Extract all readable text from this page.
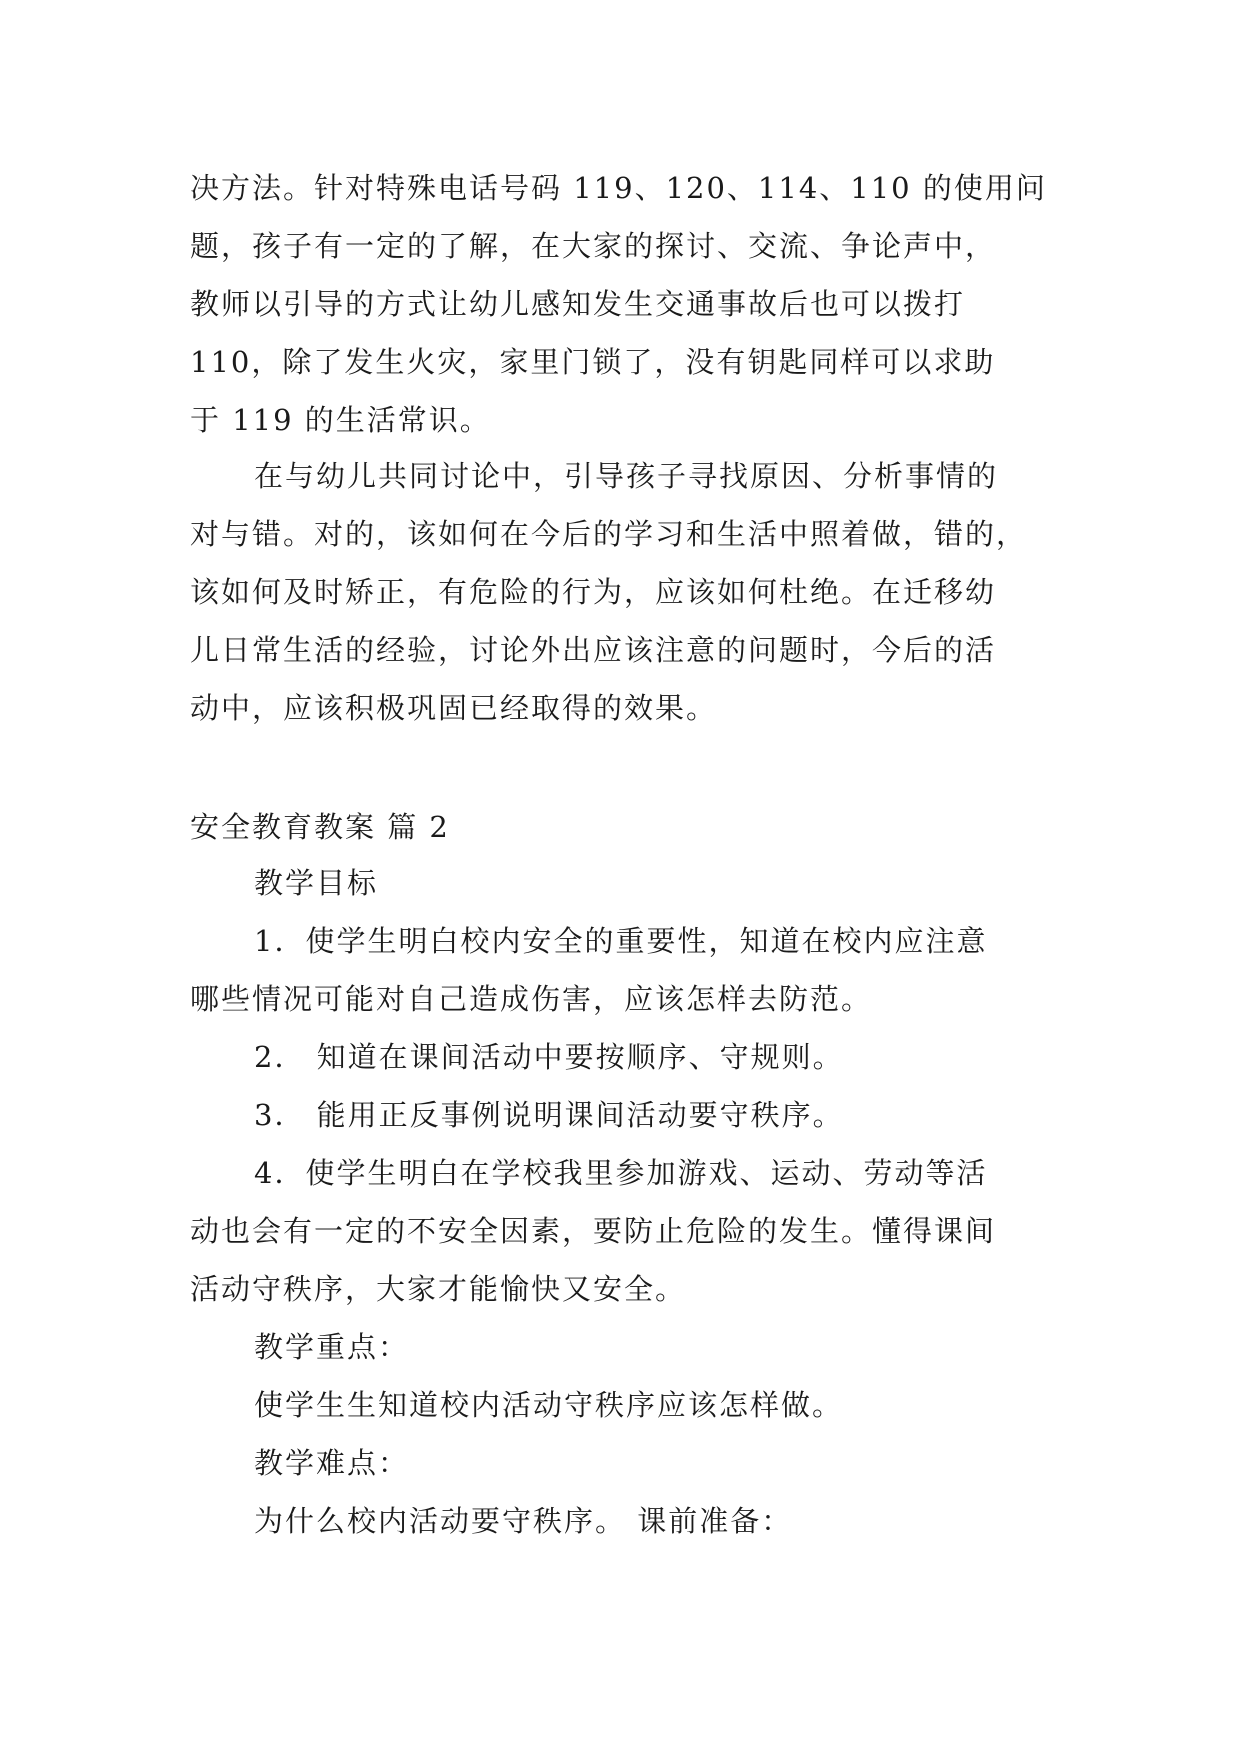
决方法。针对特殊电话号码 119、120、114、110 的使用问
题，孩子有一定的了解，在大家的探讨、交流、争论声中，
教师以引导的方式让幼儿感知发生交通事故后也可以拨打
110，除了发生火灾，家里门锁了，没有钥匙同样可以求助
于 119 的生活常识。
在与幼儿共同讨论中，引导孩子寻找原因、分析事情的
对与错。对的，该如何在今后的学习和生活中照着做，错的，
该如何及时矫正，有危险的行为，应该如何杜绝。在迁移幼
儿日常生活的经验，讨论外出应该注意的问题时，今后的活
动中，应该积极巩固已经取得的效果。
安全教育教案 篇 2
教学目标
1．使学生明白校内安全的重要性，知道在校内应注意
哪些情况可能对自己造成伤害，应该怎样去防范。
2． 知道在课间活动中要按顺序、守规则。
3． 能用正反事例说明课间活动要守秩序。
4．使学生明白在学校我里参加游戏、运动、劳动等活
动也会有一定的不安全因素，要防止危险的发生。懂得课间
活动守秩序，大家才能愉快又安全。
教学重点：
使学生生知道校内活动守秩序应该怎样做。
教学难点：
为什么校内活动要守秩序。 课前准备：
